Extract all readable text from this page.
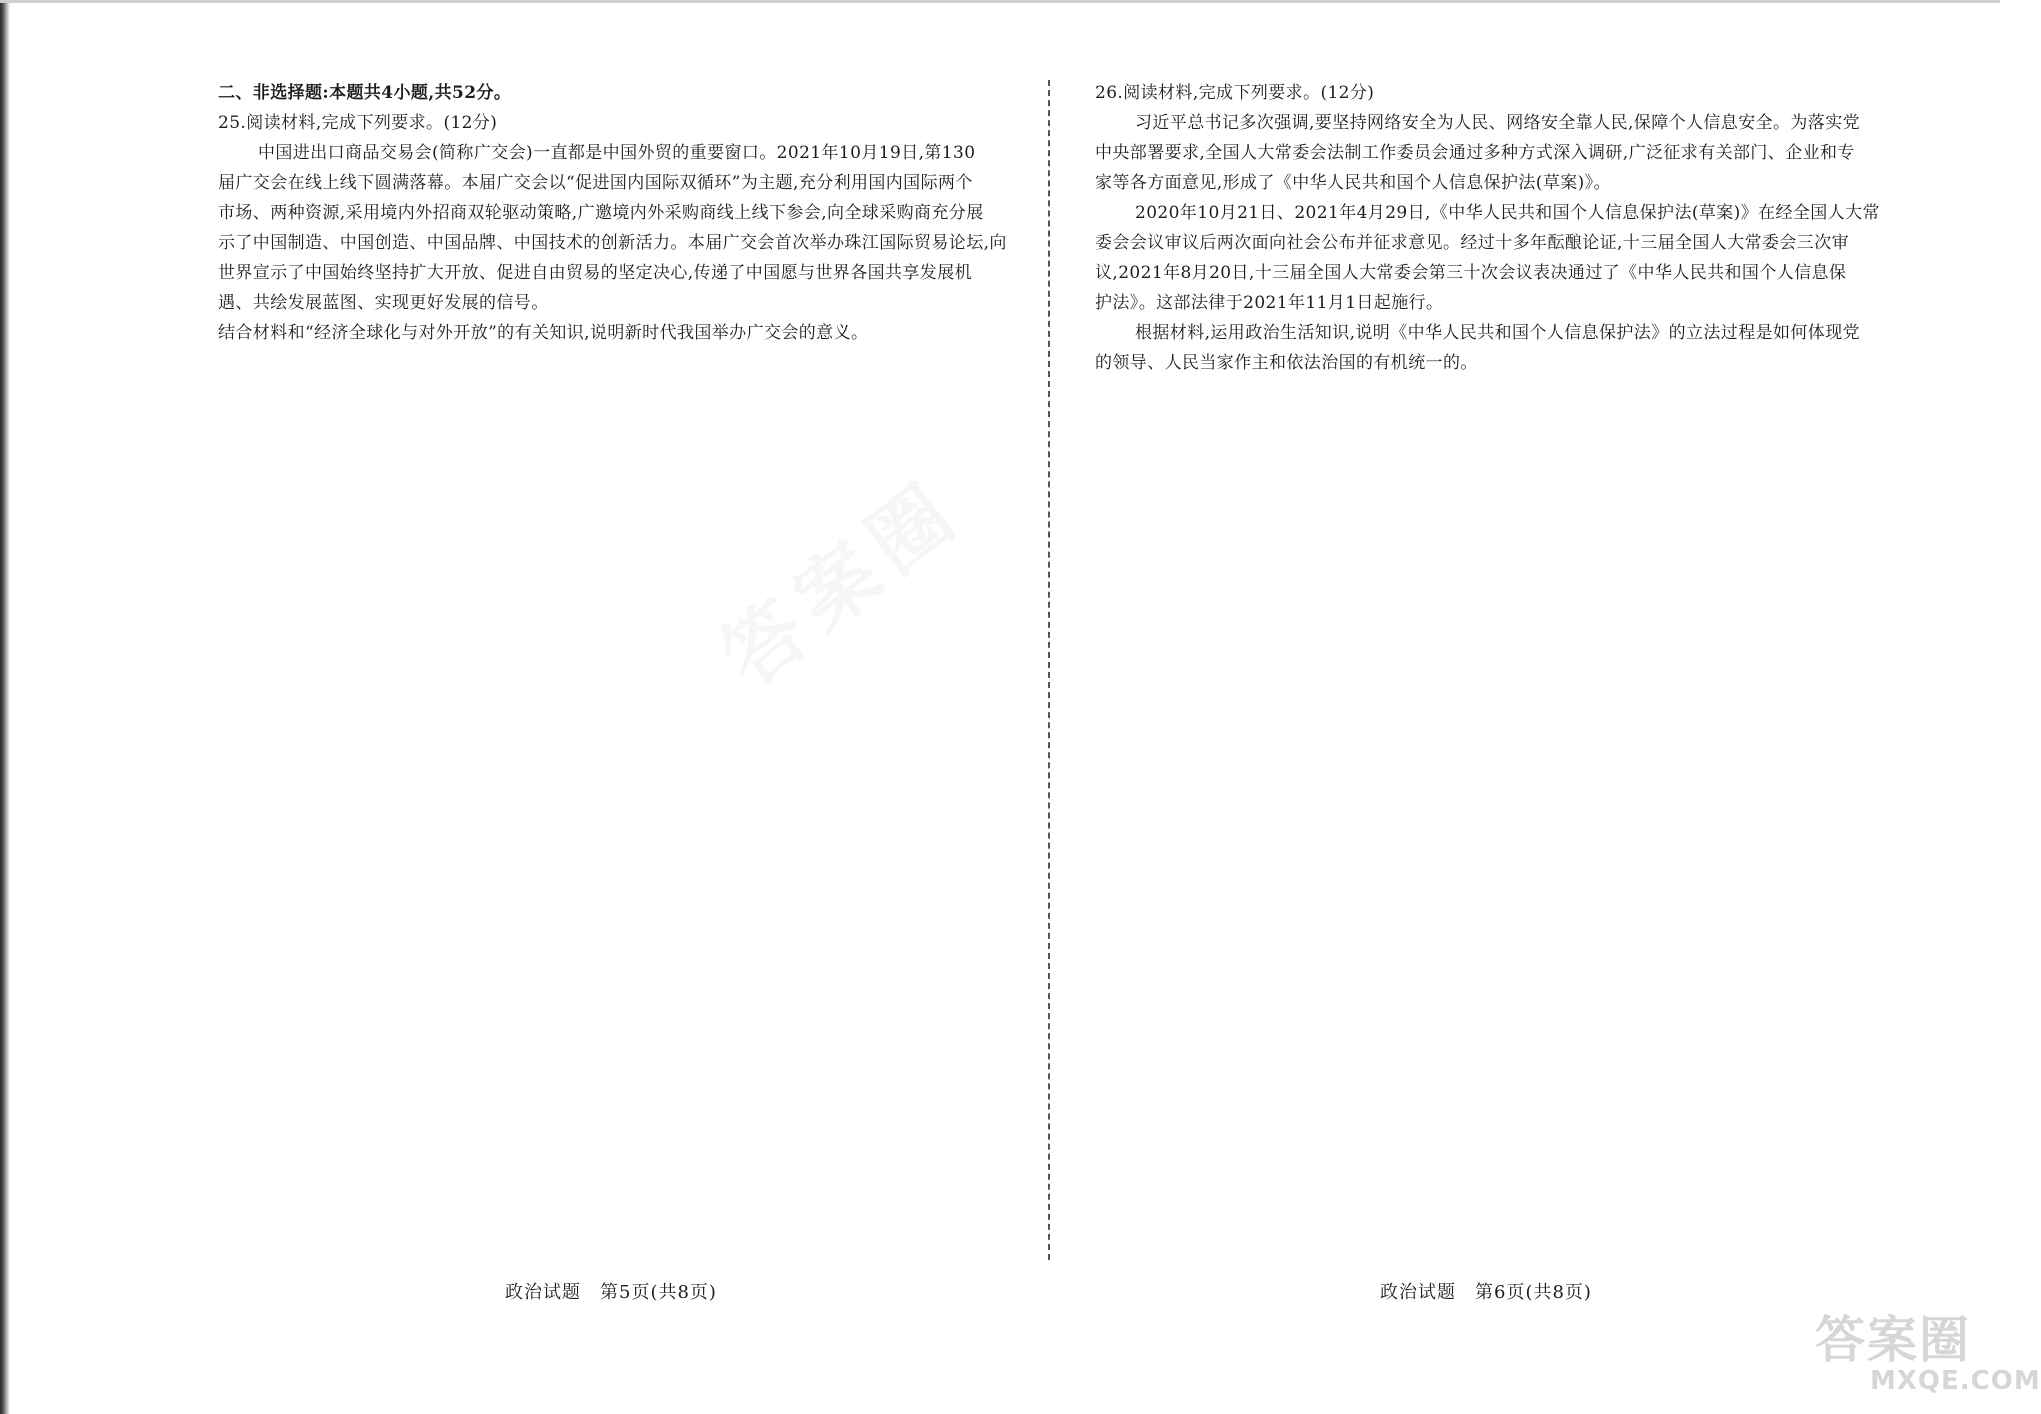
二、非选择题:本题共4小题,共52分。
25.阅读材料,完成下列要求。(12分)
中国进出口商品交易会(简称广交会)一直都是中国外贸的重要窗口。2021年10月19日,第130
届广交会在线上线下圆满落幕。本届广交会以“促进国内国际双循环”为主题,充分利用国内国际两个
市场、两种资源,采用境内外招商双轮驱动策略,广邀境内外采购商线上线下参会,向全球采购商充分展
示了中国制造、中国创造、中国品牌、中国技术的创新活力。本届广交会首次举办珠江国际贸易论坛,向
世界宣示了中国始终坚持扩大开放、促进自由贸易的坚定决心,传递了中国愿与世界各国共享发展机
遇、共绘发展蓝图、实现更好发展的信号。
结合材料和“经济全球化与对外开放”的有关知识,说明新时代我国举办广交会的意义。
26.阅读材料,完成下列要求。(12分)
习近平总书记多次强调,要坚持网络安全为人民、网络安全靠人民,保障个人信息安全。为落实党
中央部署要求,全国人大常委会法制工作委员会通过多种方式深入调研,广泛征求有关部门、企业和专
家等各方面意见,形成了《中华人民共和国个人信息保护法(草案)》。
2020年10月21日、2021年4月29日,《中华人民共和国个人信息保护法(草案)》在经全国人大常
委会会议审议后两次面向社会公布并征求意见。经过十多年酝酿论证,十三届全国人大常委会三次审
议,2021年8月20日,十三届全国人大常委会第三十次会议表决通过了《中华人民共和国个人信息保
护法》。这部法律于2021年11月1日起施行。
根据材料,运用政治生活知识,说明《中华人民共和国个人信息保护法》的立法过程是如何体现党
的领导、人民当家作主和依法治国的有机统一的。
政治试题　第5页(共8页)	政治试题　第6页(共8页)
答案圈
MXQE.COM
